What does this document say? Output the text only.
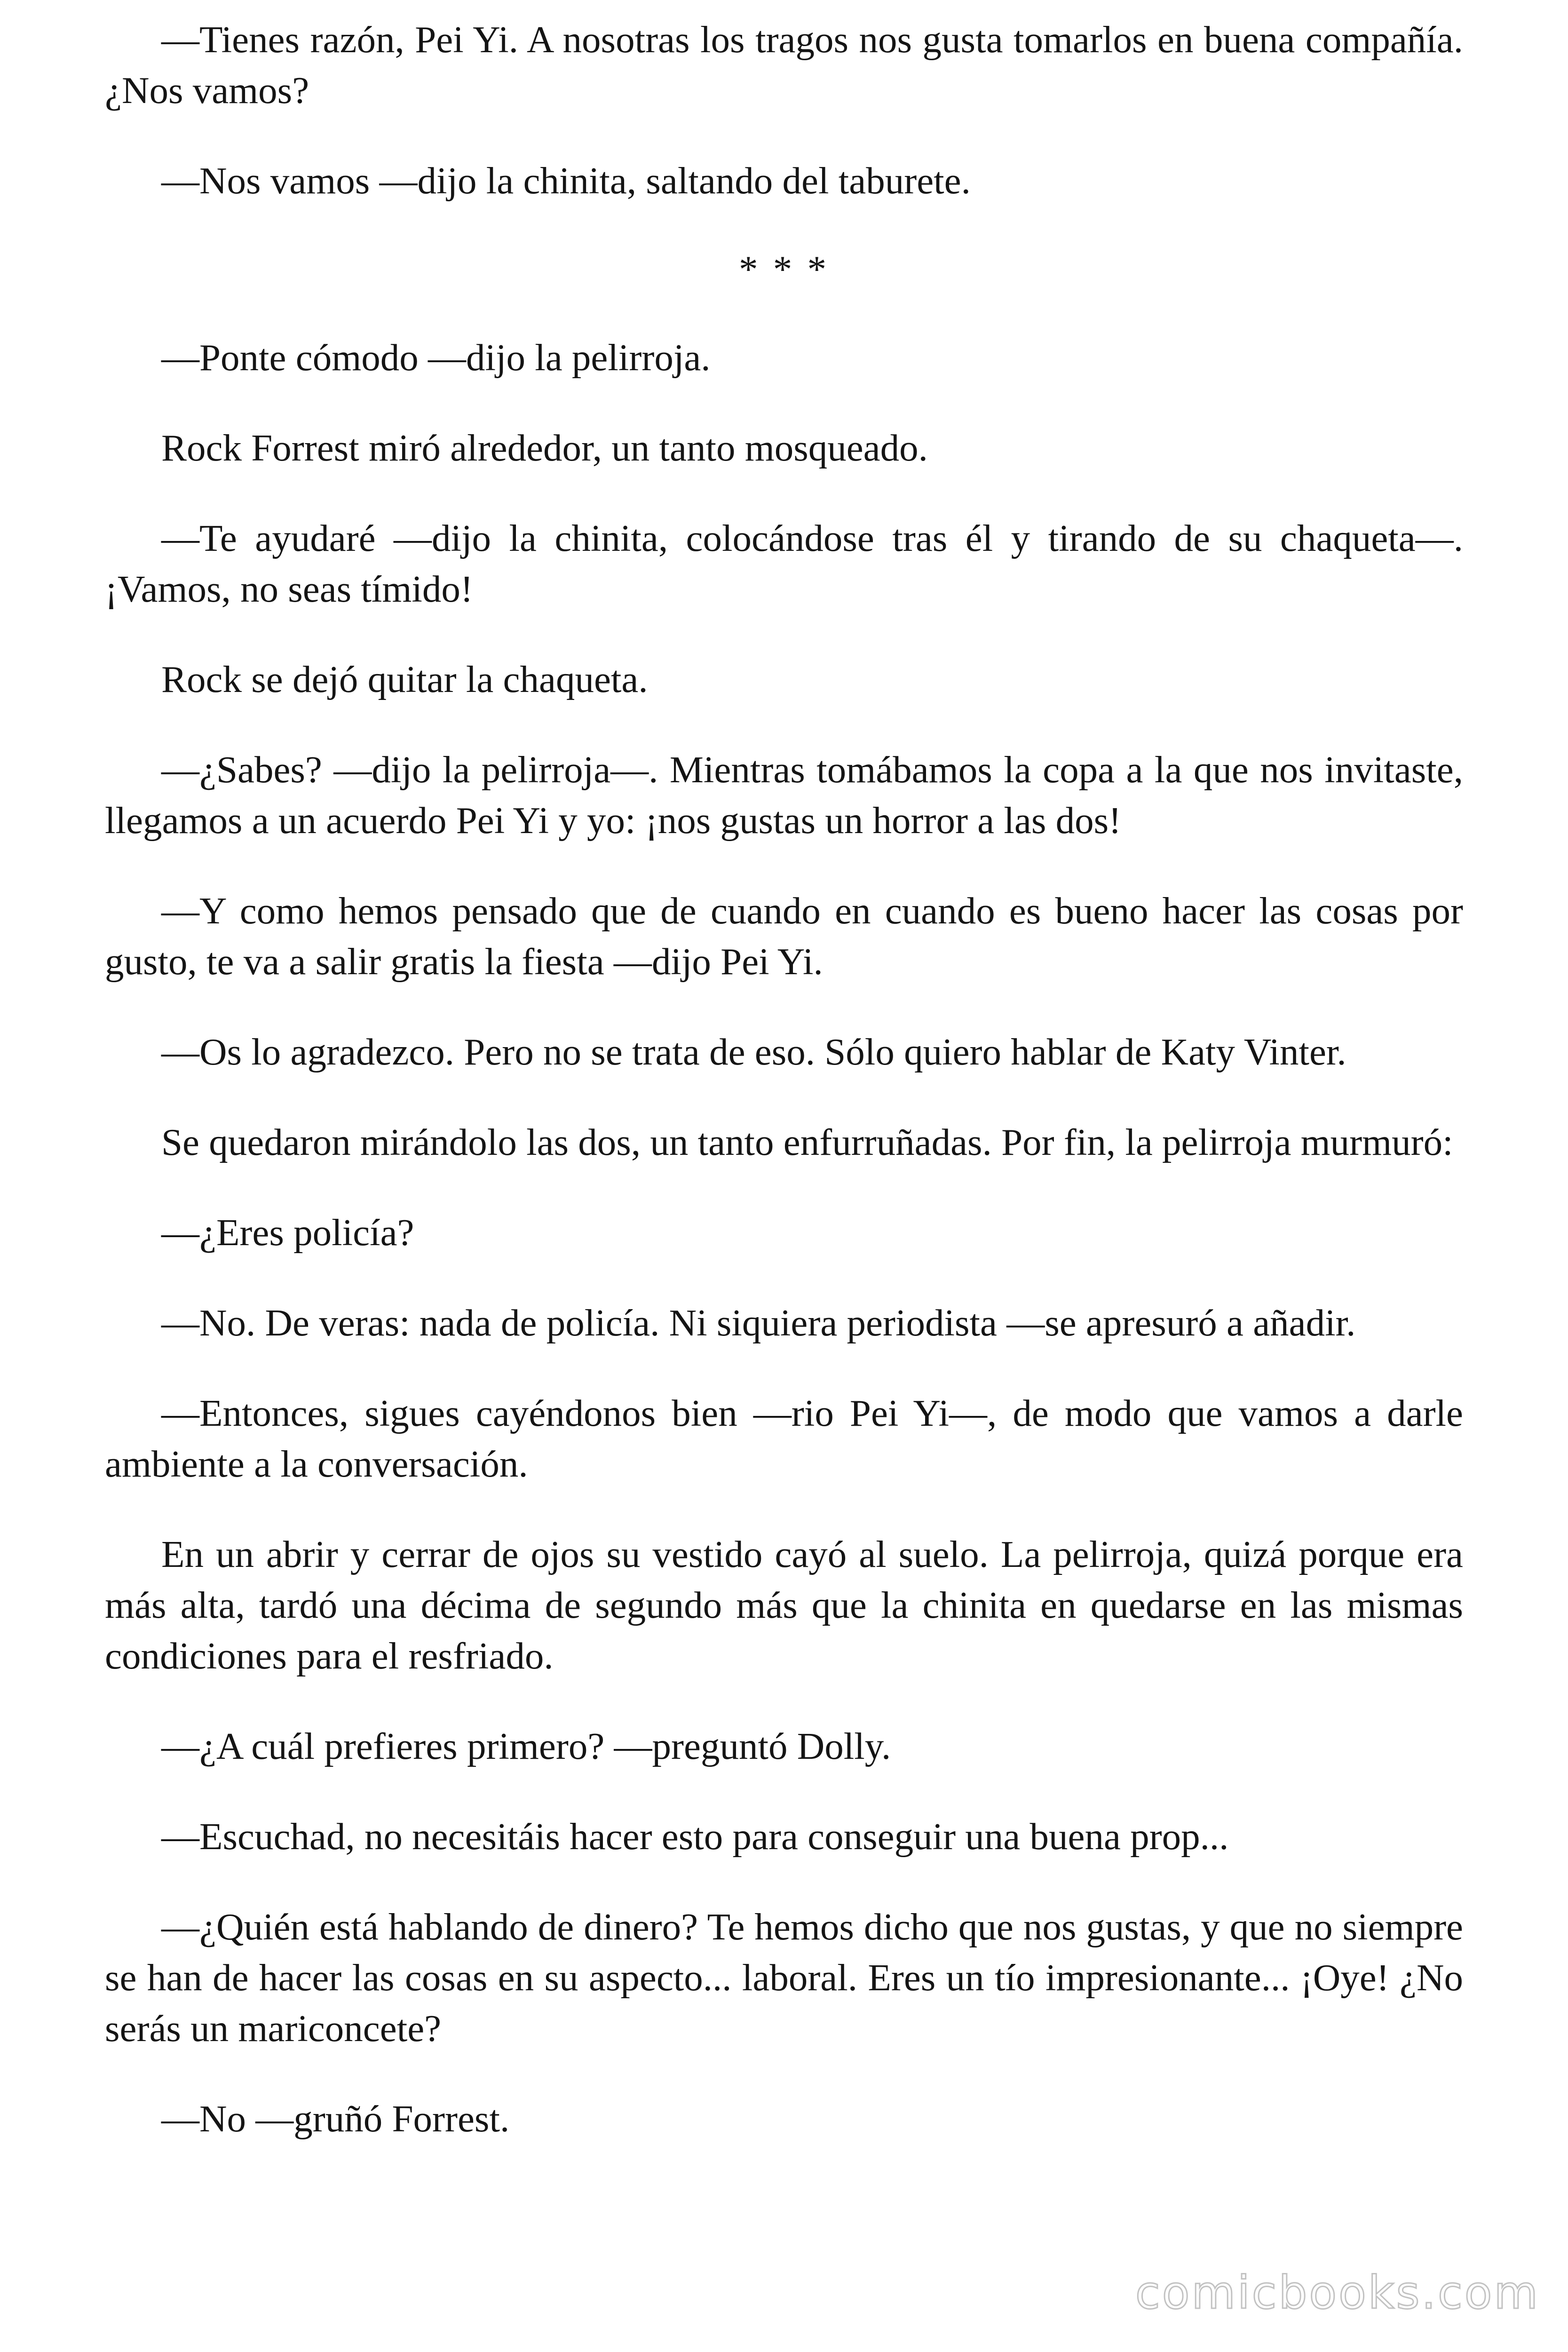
—Tienes razón, Pei Yi. A nosotras los tragos nos gusta tomarlos en buena compañía. ¿Nos vamos?

—Nos vamos —dijo la chinita, saltando del taburete.

* * *

—Ponte cómodo —dijo la pelirroja.

Rock Forrest miró alrededor, un tanto mosqueado.

—Te ayudaré —dijo la chinita, colocándose tras él y tirando de su chaqueta—. ¡Vamos, no seas tímido!

Rock se dejó quitar la chaqueta.

—¿Sabes? —dijo la pelirroja—. Mientras tomábamos la copa a la que nos invitaste, llegamos a un acuerdo Pei Yi y yo: ¡nos gustas un horror a las dos!

—Y como hemos pensado que de cuando en cuando es bueno hacer las cosas por gusto, te va a salir gratis la fiesta —dijo Pei Yi.

—Os lo agradezco. Pero no se trata de eso. Sólo quiero hablar de Katy Vinter.

Se quedaron mirándolo las dos, un tanto enfurruñadas. Por fin, la pelirroja murmuró:

—¿Eres policía?

—No. De veras: nada de policía. Ni siquiera periodista —se apresuró a añadir.

—Entonces, sigues cayéndonos bien —rio Pei Yi—, de modo que vamos a darle ambiente a la conversación.

En un abrir y cerrar de ojos su vestido cayó al suelo. La pelirroja, quizá porque era más alta, tardó una décima de segundo más que la chinita en quedarse en las mismas condiciones para el resfriado.

—¿A cuál prefieres primero? —preguntó Dolly.

—Escuchad, no necesitáis hacer esto para conseguir una buena prop...

—¿Quién está hablando de dinero? Te hemos dicho que nos gustas, y que no siempre se han de hacer las cosas en su aspecto... laboral. Eres un tío impresionante... ¡Oye! ¿No serás un mariconcete?

—No —gruñó Forrest.

comicbooks.com
